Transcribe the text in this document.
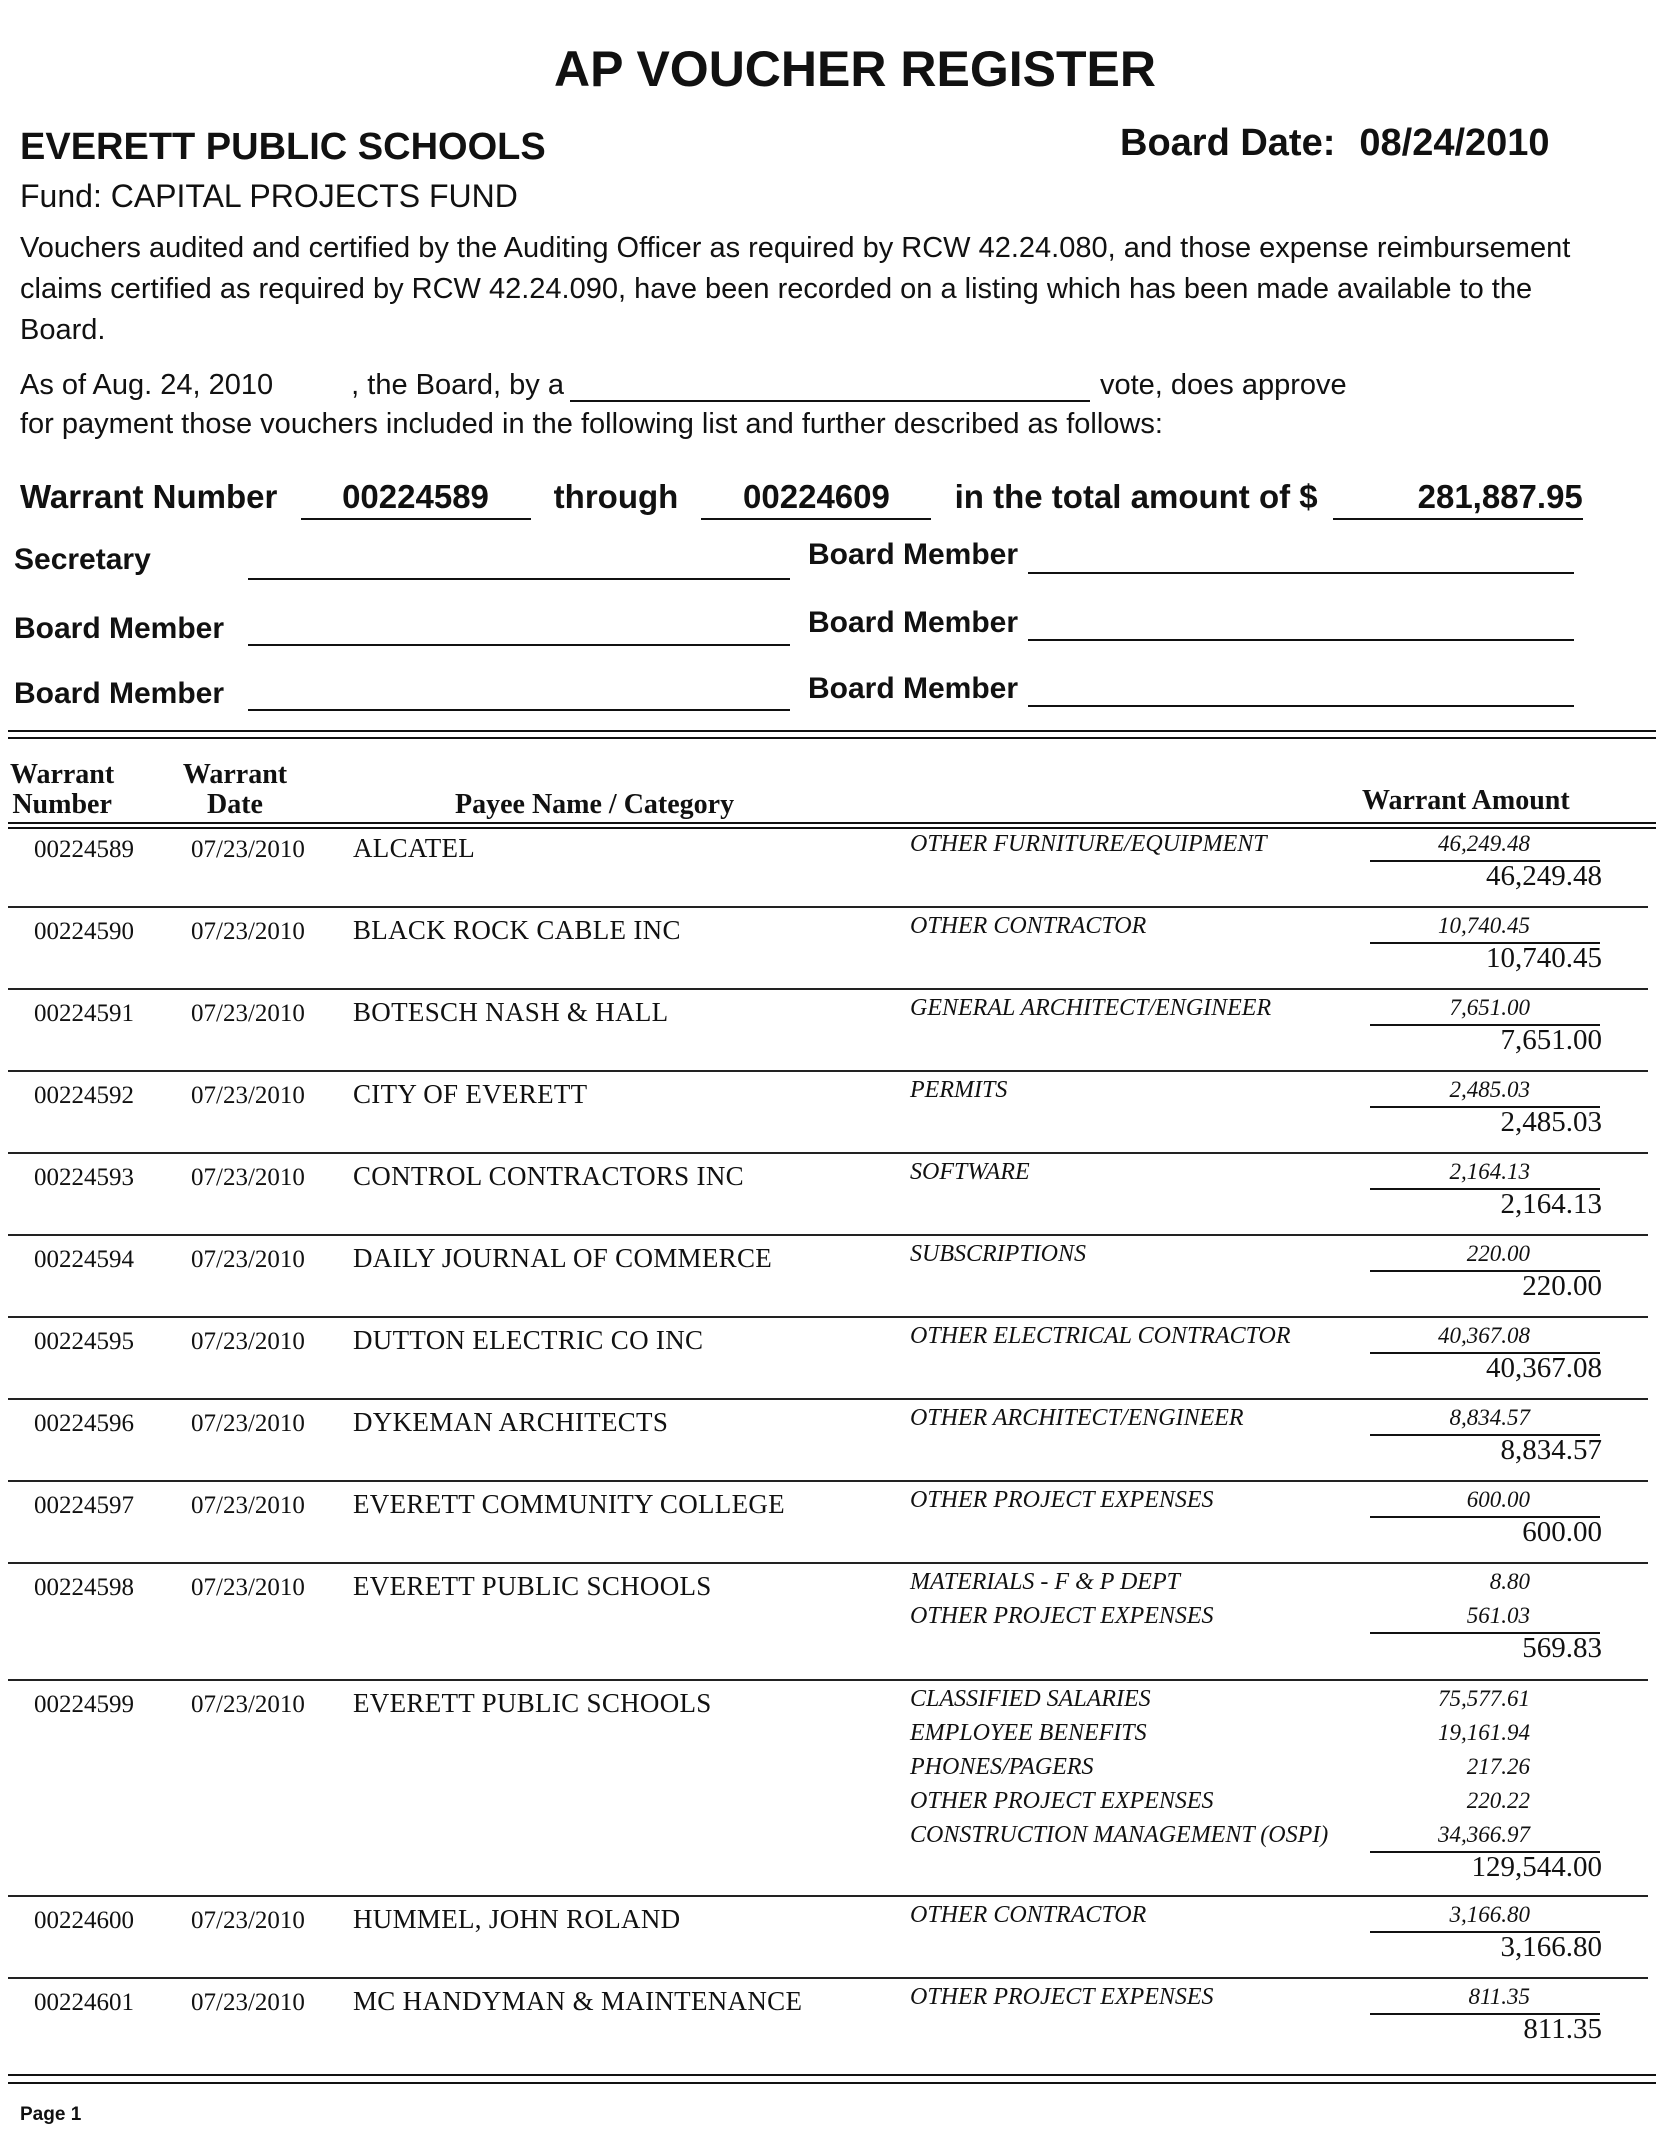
AP VOUCHER REGISTER
EVERETT PUBLIC SCHOOLS	Board Date: 08/24/2010
Fund: CAPITAL PROJECTS FUND
Vouchers audited and certified by the Auditing Officer as required by RCW 42.24.080, and those expense reimbursement claims certified as required by RCW 42.24.090, have been recorded on a listing which has been made available to the Board.
As of Aug. 24, 2010	, the Board, by a	vote, does approve
for payment those vouchers included in the following list and further described as follows:
Warrant Number 00224589 through 00224609 in the total amount of $	281,887.95
Secretary	Board Member
Board Member	Board Member
Board Member	Board Member
Warrant
Number
Warrant
Date	Payee Name / Category	Warrant Amount
00224589 07/23/2010 ALCATEL	OTHER FURNITURE/EQUIPMENT	46,249.48
46,249.48
00224590 07/23/2010 BLACK ROCK CABLE INC	OTHER CONTRACTOR	10,740.45
10,740.45
00224591 07/23/2010 BOTESCH NASH & HALL	GENERAL ARCHITECT/ENGINEER	7,651.00
7,651.00
00224592 07/23/2010 CITY OF EVERETT	PERMITS	2,485.03
2,485.03
00224593 07/23/2010 CONTROL CONTRACTORS INC	SOFTWARE	2,164.13
2,164.13
00224594 07/23/2010 DAILY JOURNAL OF COMMERCE	SUBSCRIPTIONS	220.00
220.00
00224595 07/23/2010 DUTTON ELECTRIC CO INC	OTHER ELECTRICAL CONTRACTOR	40,367.08
40,367.08
00224596 07/23/2010 DYKEMAN ARCHITECTS	OTHER ARCHITECT/ENGINEER	8,834.57
8,834.57
00224597 07/23/2010 EVERETT COMMUNITY COLLEGE	OTHER PROJECT EXPENSES	600.00
600.00
00224598 07/23/2010 EVERETT PUBLIC SCHOOLS	MATERIALS - F & P DEPT	8.80
OTHER PROJECT EXPENSES	561.03
569.83
00224599 07/23/2010 EVERETT PUBLIC SCHOOLS	CLASSIFIED SALARIES	75,577.61
EMPLOYEE BENEFITS	19,161.94
PHONES/PAGERS	217.26
OTHER PROJECT EXPENSES	220.22
CONSTRUCTION MANAGEMENT (OSPI)	34,366.97
129,544.00
00224600 07/23/2010 HUMMEL, JOHN ROLAND	OTHER CONTRACTOR	3,166.80
3,166.80
00224601 07/23/2010 MC HANDYMAN & MAINTENANCE	OTHER PROJECT EXPENSES	811.35
811.35
Page 1
